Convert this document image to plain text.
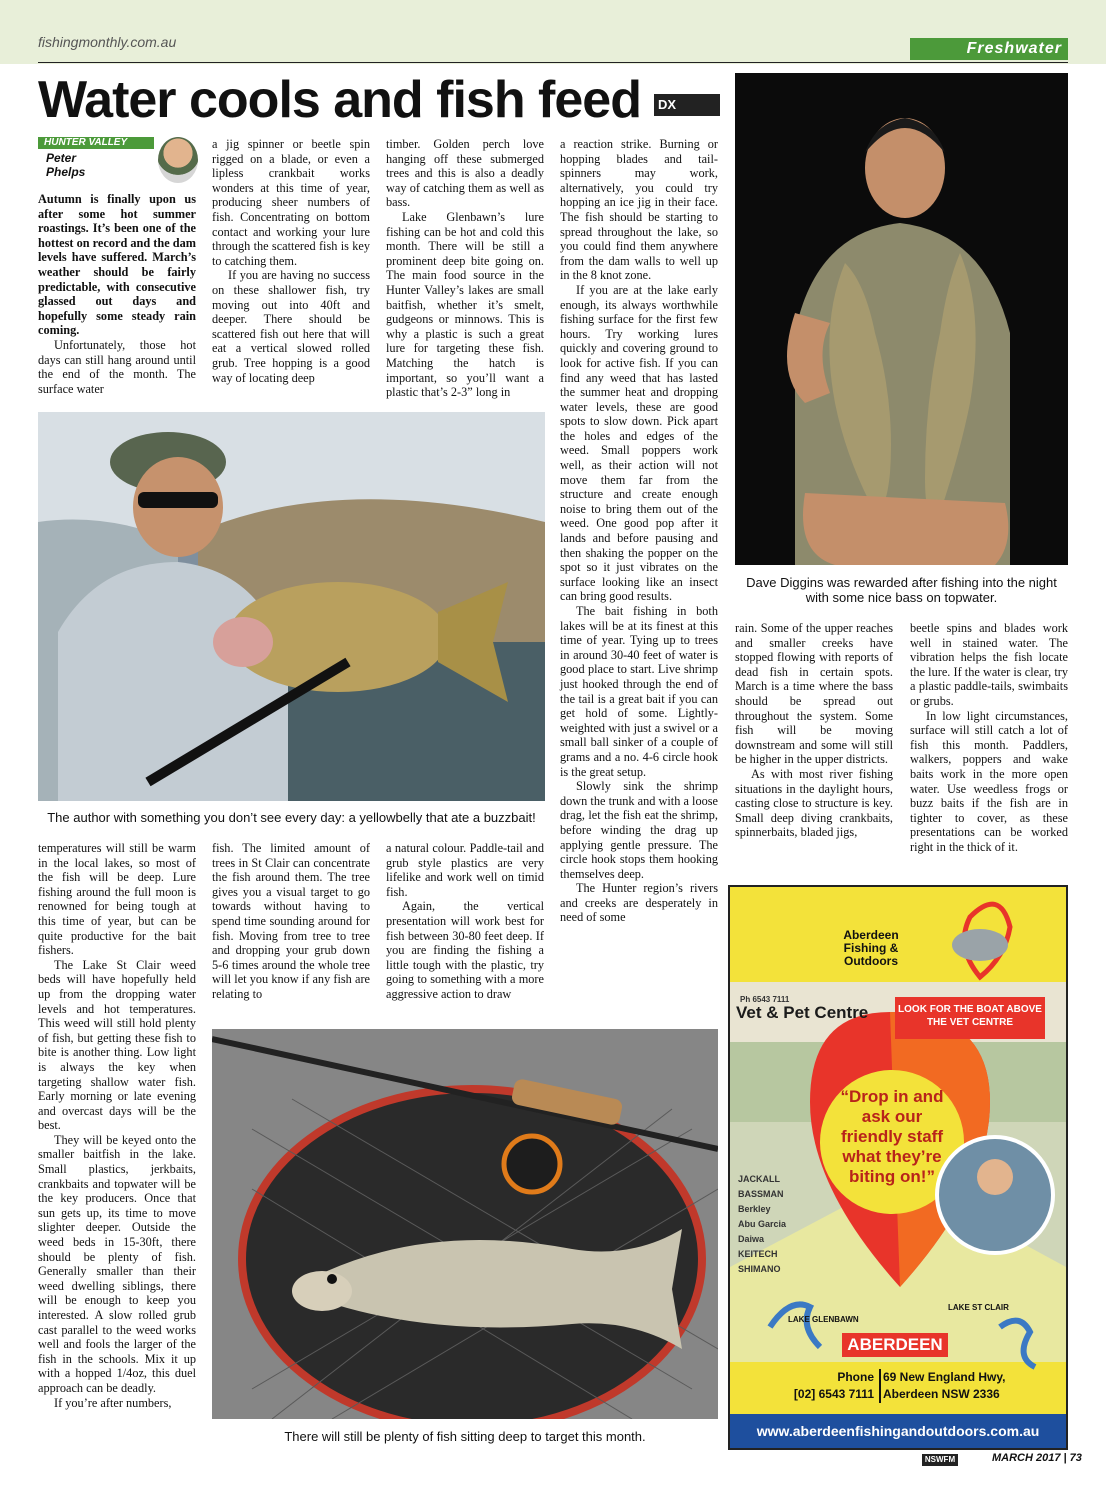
fishingmonthly.com.au	Freshwater
Water cools and fish feed	DX
HUNTER VALLEY
Peter
Phelps

Autumn is finally upon us after some hot summer roastings. It’s been one of the hottest on record and the dam levels have suffered. March’s weather should be fairly predictable, with consecutive glassed out days and hopefully some steady rain coming.

Unfortunately, those hot days can still hang around until the end of the month. The surface water

a jig spinner or beetle spin rigged on a blade, or even a lipless crankbait works wonders at this time of year, producing sheer numbers of fish. Concentrating on bottom contact and working your lure through the scattered fish is key to catching them.

If you are having no success on these shallower fish, try moving out into 40ft and deeper. There should be scattered fish out here that will eat a vertical slowed rolled grub. Tree hopping is a good way of locating deep

timber. Golden perch love hanging off these submerged trees and this is also a deadly way of catching them as well as bass.

Lake Glenbawn’s lure fishing can be hot and cold this month. There will be still a prominent deep bite going on. The main food source in the Hunter Valley’s lakes are small baitfish, whether it’s smelt, gudgeons or minnows. This is why a plastic is such a great lure for targeting these fish. Matching the hatch is important, so you’ll want a plastic that’s 2-3” long in

a reaction strike. Burning or hopping blades and tail-spinners may work, alternatively, you could try hopping an ice jig in their face. The fish should be starting to spread throughout the lake, so you could find them anywhere from the dam walls to well up in the 8 knot zone.

If you are at the lake early enough, its always worthwhile fishing surface for the first few hours. Try working lures quickly and covering ground to look for active fish. If you can find any weed that has lasted the summer heat and dropping water levels, these are good spots to slow down. Pick apart the holes and edges of the weed. Small poppers work well, as their action will not move them far from the structure and create enough noise to bring them out of the weed. One good pop after it lands and before pausing and then shaking the popper on the spot so it just vibrates on the surface looking like an insect can bring good results.

The bait fishing in both lakes will be at its finest at this time of year. Tying up to trees in around 30-40 feet of water is good place to start. Live shrimp just hooked through the end of the tail is a great bait if you can get hold of some. Lightly-weighted with just a swivel or a small ball sinker of a couple of grams and a no. 4-6 circle hook is the great setup.

Slowly sink the shrimp down the trunk and with a loose drag, let the fish eat the shrimp, before winding the drag up applying gentle pressure. The circle hook stops them hooking themselves deep.

The Hunter region’s rivers and creeks are desperately in need of some

Dave Diggins was rewarded after fishing into the night with some nice bass on topwater.
The author with something you don’t see every day: a yellowbelly that ate a buzzbait!

rain. Some of the upper reaches and smaller creeks have stopped flowing with reports of dead fish in certain spots. March is a time where the bass should be spread out throughout the system. Some fish will be moving downstream and some will still be higher in the upper districts.

As with most river fishing situations in the daylight hours, casting close to structure is key. Small deep diving crankbaits, spinnerbaits, bladed jigs,

beetle spins and blades work well in stained water. The vibration helps the fish locate the lure. If the water is clear, try a plastic paddle-tails, swimbaits or grubs.

In low light circumstances, surface will still catch a lot of fish this month. Paddlers, walkers, poppers and wake baits work in the more open water. Use weedless frogs or buzz baits if the fish are in tighter to cover, as these presentations can be worked right in the thick of it.

temperatures will still be warm in the local lakes, so most of the fish will be deep. Lure fishing around the full moon is renowned for being tough at this time of year, but can be quite productive for the bait fishers.

The Lake St Clair weed beds will have hopefully held up from the dropping water levels and hot temperatures. This weed will still hold plenty of fish, but getting these fish to bite is another thing. Low light is always the key when targeting shallow water fish. Early morning or late evening and overcast days will be the best.

They will be keyed onto the smaller baitfish in the lake. Small plastics, jerkbaits, crankbaits and topwater will be the key producers. Once that sun gets up, its time to move slighter deeper. Outside the weed beds in 15-30ft, there should be plenty of fish. Generally smaller than their weed dwelling siblings, there will be enough to keep you interested. A slow rolled grub cast parallel to the weed works well and fools the larger of the fish in the schools. Mix it up with a hopped 1/4oz, this duel approach can be deadly.

If you’re after numbers,

fish. The limited amount of trees in St Clair can concentrate the fish around them. The tree gives you a visual target to go towards without having to spend time sounding around for fish. Moving from tree to tree and dropping your grub down 5-6 times around the whole tree will let you know if any fish are relating to

a natural colour. Paddle-tail and grub style plastics are very lifelike and work well on timid fish.

Again, the vertical presentation will work best for fish between 30-80 feet deep. If you are finding the fishing a little tough with the plastic, try going to something with a more aggressive action to draw

There will still be plenty of fish sitting deep to target this month.
Aberdeen
Fishing &
Outdoors
Ph 6543 7111
Vet & Pet Centre	LOOK FOR THE BOAT ABOVE THE VET CENTRE
“Drop in and ask our friendly staff what they’re biting on!”
JACKALL
BASSMAN
Berkley
Abu Garcia
Daiwa
KEITECH
SHIMANO
LAKE GLENBAWN
LAKE ST CLAIR
ABERDEEN
Phone
[02] 6543 7111
69 New England Hwy,
Aberdeen NSW 2336
www.aberdeenfishingandoutdoors.com.au
NSWFM	MARCH 2017 | 73
